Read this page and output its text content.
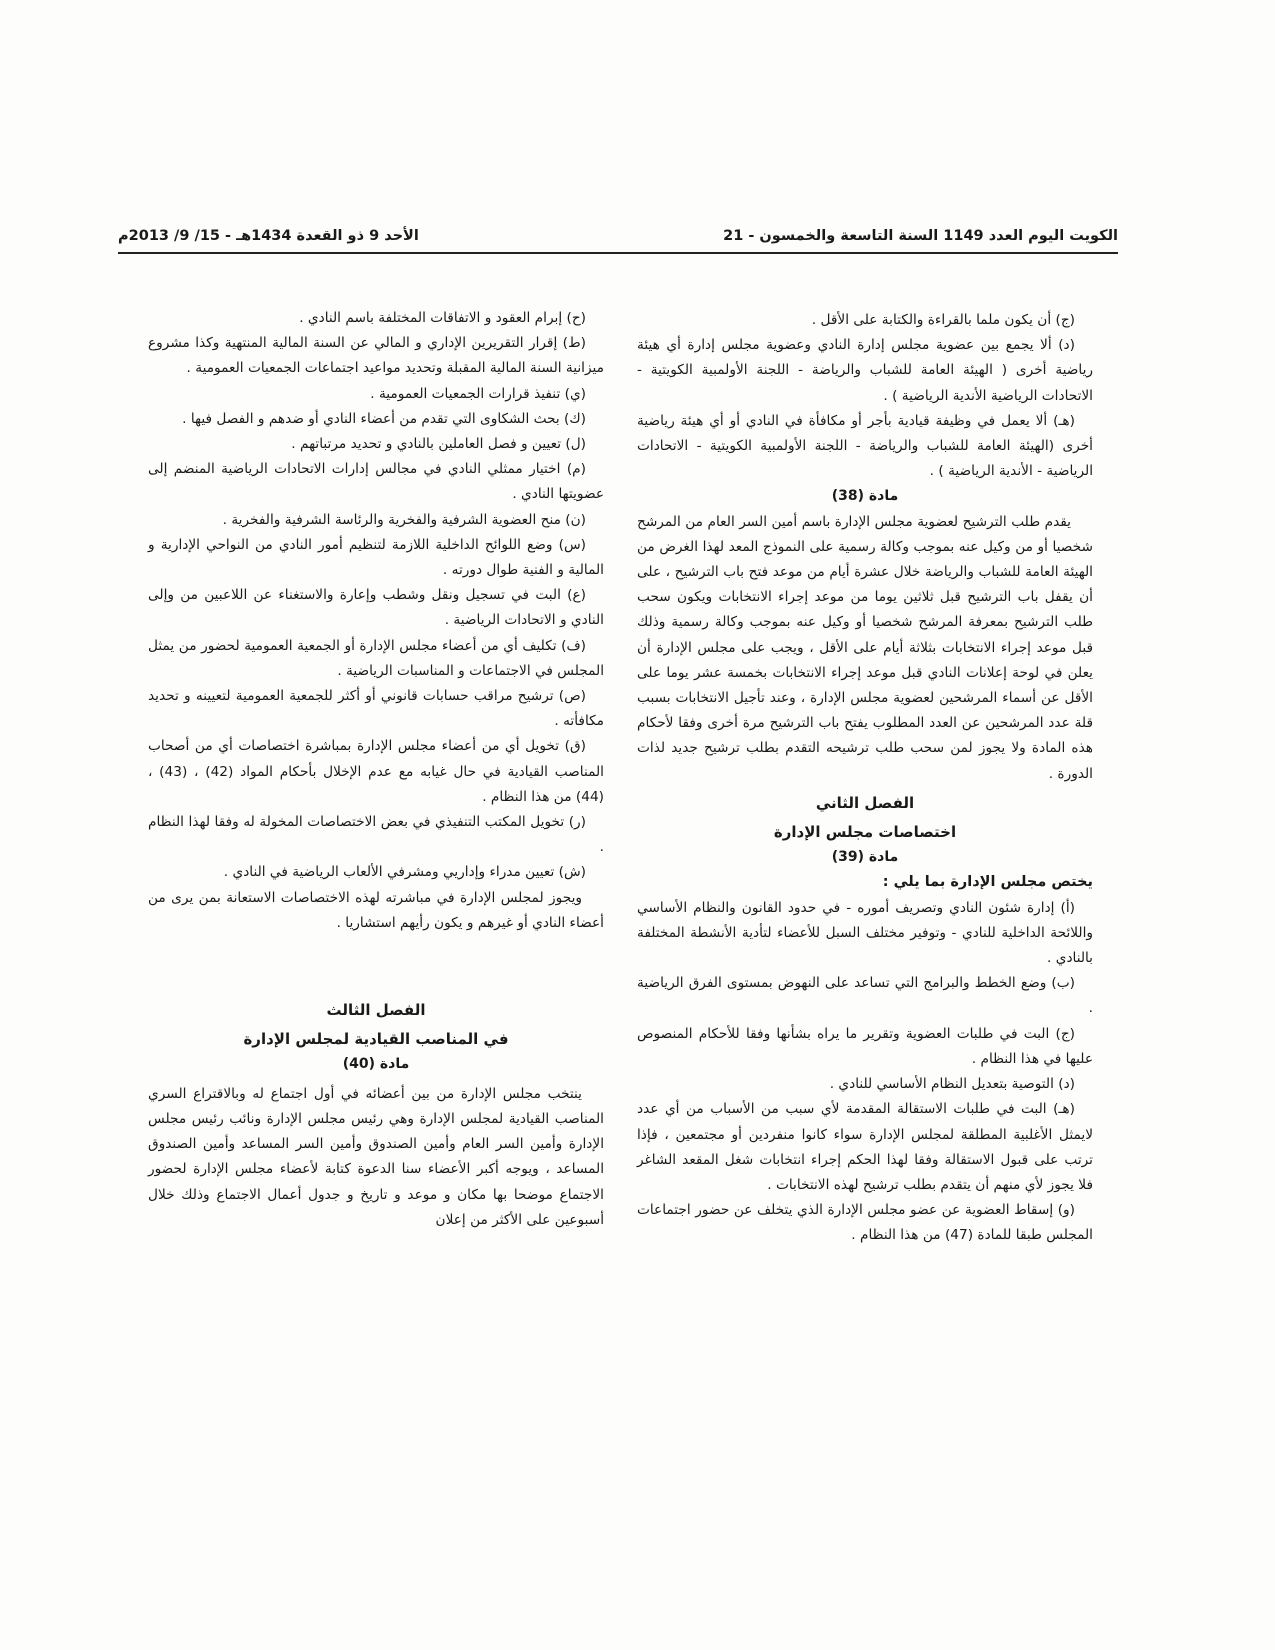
الكويت اليوم العدد 1149 السنة التاسعة والخمسون - 21
الأحد 9 ذو القعدة 1434هـ - 15/ 9/ 2013م

(ج) أن يكون ملما بالقراءة والكتابة على الأقل .

(د) ألا يجمع بين عضوية مجلس إدارة النادي وعضوية مجلس إدارة أي هيئة رياضية أخرى ( الهيئة العامة للشباب والرياضة - اللجنة الأولمبية الكويتية - الاتحادات الرياضية الأندية الرياضية ) .

(هـ) ألا يعمل في وظيفة قيادية بأجر أو مكافأة في النادي أو أي هيئة رياضية أخرى (الهيئة العامة للشباب والرياضة - اللجنة الأولمبية الكويتية - الاتحادات الرياضية - الأندية الرياضية ) .

مادة (38)

يقدم طلب الترشيح لعضوية مجلس الإدارة باسم أمين السر العام من المرشح شخصيا أو من وكيل عنه بموجب وكالة رسمية على النموذج المعد لهذا الغرض من الهيئة العامة للشباب والرياضة خلال عشرة أيام من موعد فتح باب الترشيح ، على أن يقفل باب الترشيح قبل ثلاثين يوما من موعد إجراء الانتخابات ويكون سحب طلب الترشيح بمعرفة المرشح شخصيا أو وكيل عنه بموجب وكالة رسمية وذلك قبل موعد إجراء الانتخابات بثلاثة أيام على الأقل ، ويجب على مجلس الإدارة أن يعلن في لوحة إعلانات النادي قبل موعد إجراء الانتخابات بخمسة عشر يوما على الأقل عن أسماء المرشحين لعضوية مجلس الإدارة ، وعند تأجيل الانتخابات بسبب قلة عدد المرشحين عن العدد المطلوب يفتح باب الترشيح مرة أخرى وفقا لأحكام هذه المادة ولا يجوز لمن سحب طلب ترشيحه التقدم بطلب ترشيح جديد لذات الدورة .

الفصل الثاني

اختصاصات مجلس الإدارة

مادة (39)

يختص مجلس الإدارة بما يلي :

(أ) إدارة شئون النادي وتصريف أموره - في حدود القانون والنظام الأساسي واللائحة الداخلية للنادي - وتوفير مختلف السبل للأعضاء لتأدية الأنشطة المختلفة بالنادي .

(ب) وضع الخطط والبرامج التي تساعد على النهوض بمستوى الفرق الرياضية .

(ج) البت في طلبات العضوية وتقرير ما يراه بشأنها وفقا للأحكام المنصوص عليها في هذا النظام .

(د) التوصية بتعديل النظام الأساسي للنادي .

(هـ) البت في طلبات الاستقالة المقدمة لأي سبب من الأسباب من أي عدد لايمثل الأغلبية المطلقة لمجلس الإدارة سواء كانوا منفردين أو مجتمعين ، فإذا ترتب على قبول الاستقالة وفقا لهذا الحكم إجراء انتخابات شغل المقعد الشاغر فلا يجوز لأي منهم أن يتقدم بطلب ترشيح لهذه الانتخابات .

(و) إسقاط العضوية عن عضو مجلس الإدارة الذي يتخلف عن حضور اجتماعات المجلس طبقا للمادة (47) من هذا النظام .

(ح) إبرام العقود و الاتفاقات المختلفة باسم النادي .

(ط) إقرار التقريرين الإداري و المالي عن السنة المالية المنتهية وكذا مشروع ميزانية السنة المالية المقبلة وتحديد مواعيد اجتماعات الجمعيات العمومية .

(ي) تنفيذ قرارات الجمعيات العمومية .

(ك) بحث الشكاوى التي تقدم من أعضاء النادي أو ضدهم و الفصل فيها .

(ل) تعيين و فصل العاملين بالنادي و تحديد مرتباتهم .

(م) اختيار ممثلي النادي في مجالس إدارات الاتحادات الرياضية المنضم إلى عضويتها النادي .

(ن) منح العضوية الشرفية والفخرية والرئاسة الشرفية والفخرية .

(س) وضع اللوائح الداخلية اللازمة لتنظيم أمور النادي من النواحي الإدارية و المالية و الفنية طوال دورته .

(ع) البت في تسجيل ونقل وشطب وإعارة والاستغناء عن اللاعبين من وإلى النادي و الاتحادات الرياضية .

(ف) تكليف أي من أعضاء مجلس الإدارة أو الجمعية العمومية لحضور من يمثل المجلس في الاجتماعات و المناسبات الرياضية .

(ص) ترشيح مراقب حسابات قانوني أو أكثر للجمعية العمومية لتعيينه و تحديد مكافأته .

(ق) تخويل أي من أعضاء مجلس الإدارة بمباشرة اختصاصات أي من أصحاب المناصب القيادية في حال غيابه مع عدم الإخلال بأحكام المواد (42) ، (43) ، (44) من هذا النظام .

(ر) تخويل المكتب التنفيذي في بعض الاختصاصات المخولة له وفقا لهذا النظام .

(ش) تعيين مدراء وإداريي ومشرفي الألعاب الرياضية في النادي .

ويجوز لمجلس الإدارة في مباشرته لهذه الاختصاصات الاستعانة بمن يرى من أعضاء النادي أو غيرهم و يكون رأيهم استشاريا .

الفصل الثالث

في المناصب القيادية لمجلس الإدارة

مادة (40)

ينتخب مجلس الإدارة من بين أعضائه في أول اجتماع له وبالاقتراع السري المناصب القيادية لمجلس الإدارة وهي رئيس مجلس الإدارة ونائب رئيس مجلس الإدارة وأمين السر العام وأمين الصندوق وأمين السر المساعد وأمين الصندوق المساعد ، ويوجه أكبر الأعضاء سنا الدعوة كتابة لأعضاء مجلس الإدارة لحضور الاجتماع موضحا بها مكان و موعد و تاريخ و جدول أعمال الاجتماع وذلك خلال أسبوعين على الأكثر من إعلان
